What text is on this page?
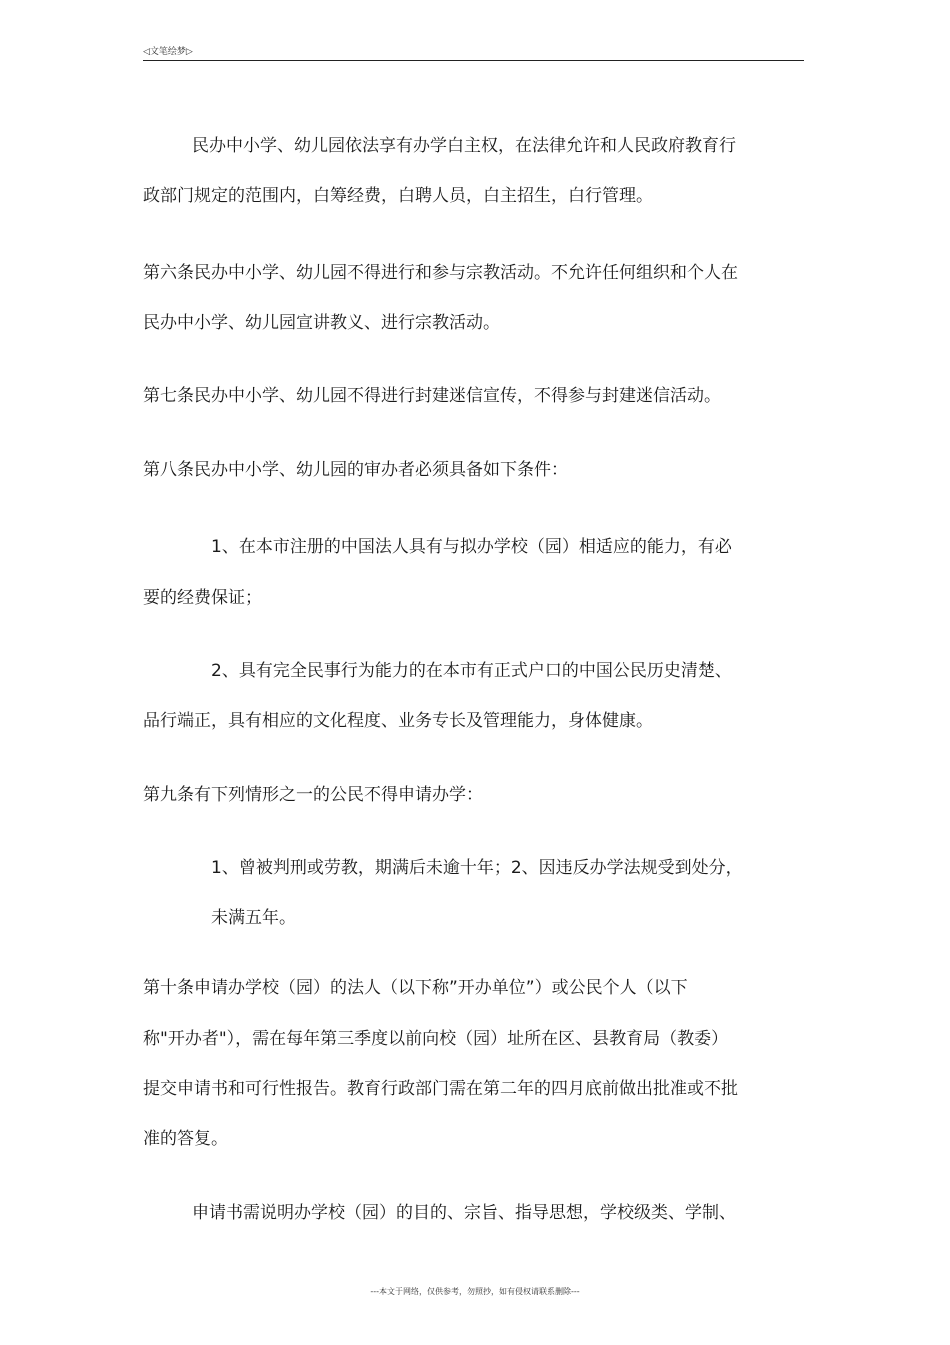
◁文笔绘梦▷
民办中小学、幼儿园依法享有办学白主权，在法律允许和人民政府教育行
政部门规定的范围内，白筹经费，白聘人员，白主招生，白行管理。
第六条民办中小学、幼儿园不得进行和参与宗教活动。不允许任何组织和个人在
民办中小学、幼儿园宣讲教义、进行宗教活动。
第七条民办中小学、幼儿园不得进行封建迷信宣传，不得参与封建迷信活动。
第八条民办中小学、幼儿园的审办者必须具备如下条件：
1、在本市注册的中国法人具有与拟办学校（园）相适应的能力，有必
要的经费保证；
2、具有完全民事行为能力的在本市有正式户口的中国公民历史清楚、
品行端正，具有相应的文化程度、业务专长及管理能力，身体健康。
第九条有下列情形之一的公民不得申请办学：
1、曾被判刑或劳教，期满后未逾十年；2、因违反办学法规受到处分，
未满五年。
第十条申请办学校（园）的法人（以下称”开办单位”）或公民个人（以下
称"开办者"），需在每年第三季度以前向校（园）址所在区、县教育局（教委）
提交申请书和可行性报告。教育行政部门需在第二年的四月底前做出批准或不批
准的答复。
申请书需说明办学校（园）的目的、宗旨、指导思想，学校级类、学制、
---本文于网络，仅供参考，勿照抄，如有侵权请联系删除---
